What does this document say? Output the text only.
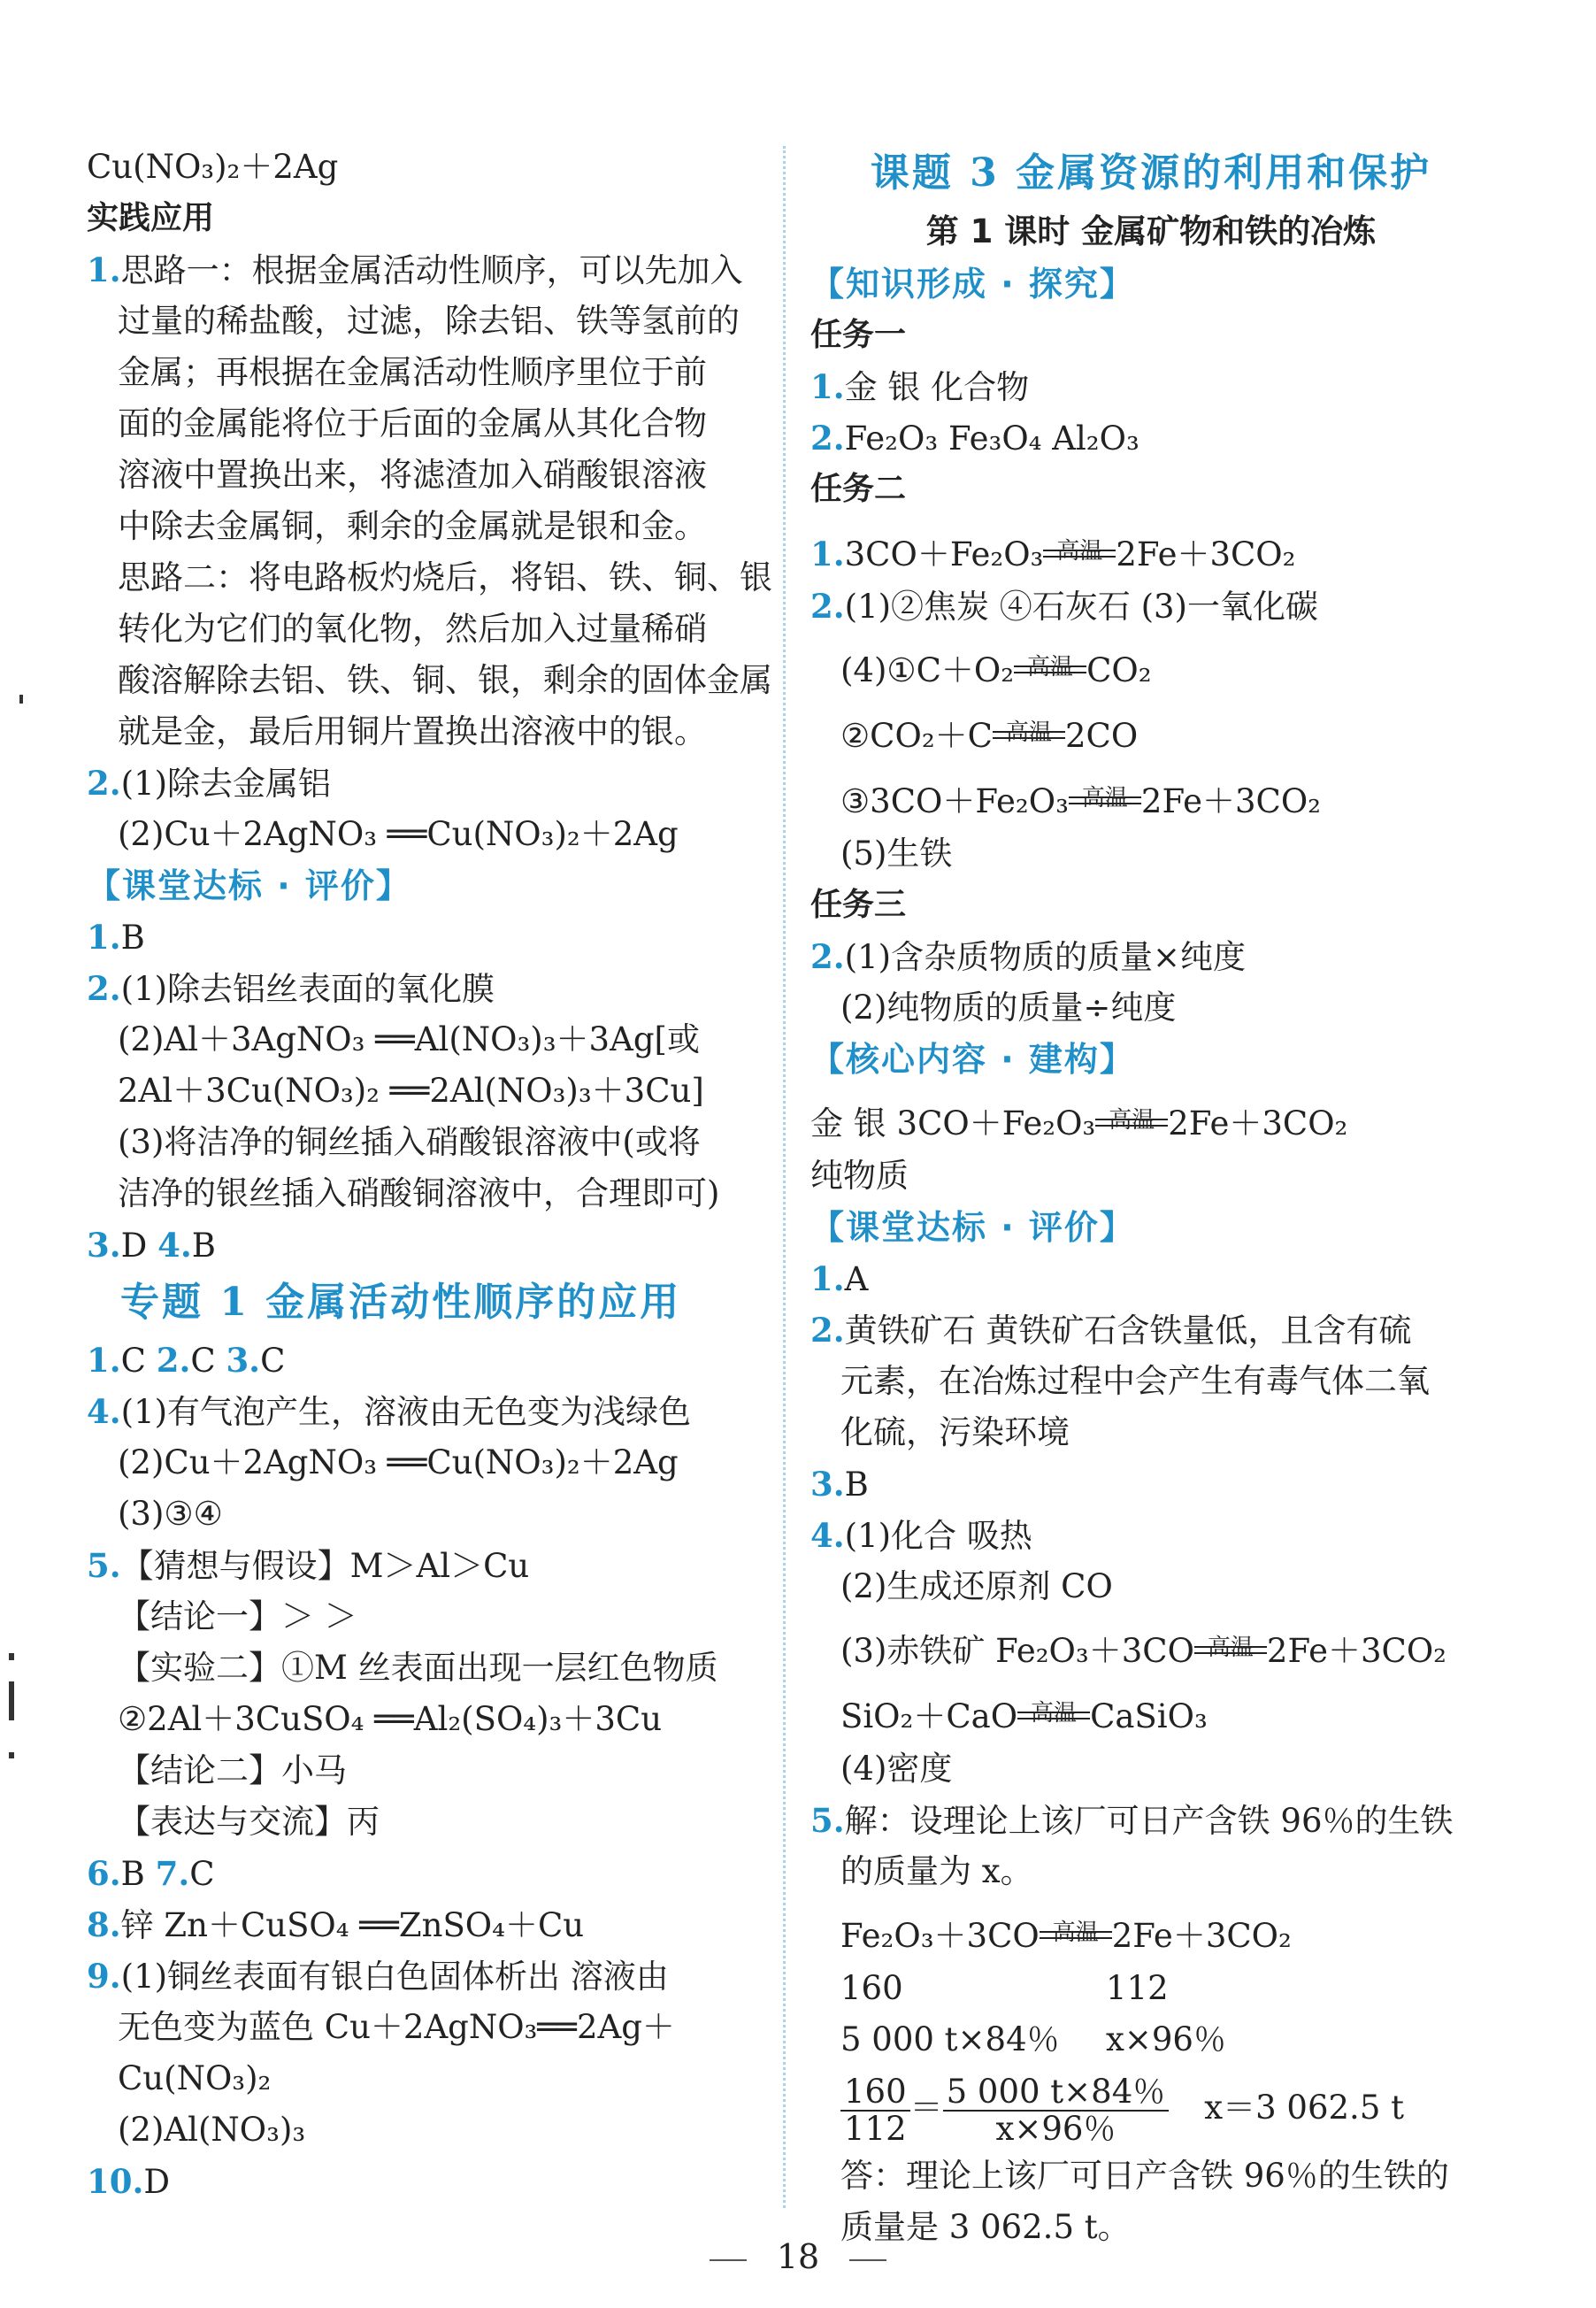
Cu(NO₃)₂＋2Ag
实践应用
1.思路一：根据金属活动性顺序，可以先加入
过量的稀盐酸，过滤，除去铝、铁等氢前的
金属；再根据在金属活动性顺序里位于前
面的金属能将位于后面的金属从其化合物
溶液中置换出来，将滤渣加入硝酸银溶液
中除去金属铜，剩余的金属就是银和金。
思路二：将电路板灼烧后，将铝、铁、铜、银
转化为它们的氧化物，然后加入过量稀硝
酸溶解除去铝、铁、铜、银，剩余的固体金属
就是金，最后用铜片置换出溶液中的银。
2.(1)除去金属铝
(2)Cu＋2AgNO₃ ══Cu(NO₃)₂＋2Ag
【课堂达标 · 评价】
1.B
2.(1)除去铝丝表面的氧化膜
(2)Al＋3AgNO₃ ══Al(NO₃)₃＋3Ag[或
2Al＋3Cu(NO₃)₂ ══2Al(NO₃)₃＋3Cu]
(3)将洁净的铜丝插入硝酸银溶液中(或将
洁净的银丝插入硝酸铜溶液中，合理即可)
3.D 4.B
专题 1 金属活动性顺序的应用
1.C 2.C 3.C
4.(1)有气泡产生，溶液由无色变为浅绿色
(2)Cu＋2AgNO₃ ══Cu(NO₃)₂＋2Ag
(3)③④
5.【猜想与假设】M＞Al＞Cu
【结论一】＞ ＞
【实验二】①M 丝表面出现一层红色物质
②2Al＋3CuSO₄ ══Al₂(SO₄)₃＋3Cu
【结论二】小马
【表达与交流】丙
6.B 7.C
8.锌 Zn＋CuSO₄ ══ZnSO₄＋Cu
9.(1)铜丝表面有银白色固体析出 溶液由
无色变为蓝色 Cu＋2AgNO₃══2Ag＋
Cu(NO₃)₂
(2)Al(NO₃)₃
10.D
课题 3 金属资源的利用和保护
第 1 课时 金属矿物和铁的冶炼
【知识形成 · 探究】
任务一
1.金 银 化合物
2.Fe₂O₃ Fe₃O₄ Al₂O₃
任务二
1.3CO＋Fe₂O₃ 高温 2Fe＋3CO₂
2.(1)②焦炭 ④石灰石 (3)一氧化碳
(4)①C＋O₂ 高温 CO₂
②CO₂＋C 高温 2CO
③3CO＋Fe₂O₃ 高温 2Fe＋3CO₂
(5)生铁
任务三
2.(1)含杂质物质的质量×纯度
(2)纯物质的质量÷纯度
【核心内容 · 建构】
金 银 3CO＋Fe₂O₃ 高温 2Fe＋3CO₂
纯物质
【课堂达标 · 评价】
1.A
2.黄铁矿石 黄铁矿石含铁量低，且含有硫
元素，在冶炼过程中会产生有毒气体二氧
化硫，污染环境
3.B
4.(1)化合 吸热
(2)生成还原剂 CO
(3)赤铁矿 Fe₂O₃＋3CO 高温 2Fe＋3CO₂
SiO₂＋CaO 高温 CaSiO₃
(4)密度
5.解：设理论上该厂可日产含铁 96％的生铁
的质量为 x。
Fe₂O₃＋3CO 高温 2Fe＋3CO₂
160	112
5 000 t×84％ x×96％
$\frac{160}{112} = \frac{5 000 t\times 84\%}{x\times 96\%} x=3$ 062.5 t
答：理论上该厂可日产含铁 96％的生铁的
质量是 3 062.5 t。
18
